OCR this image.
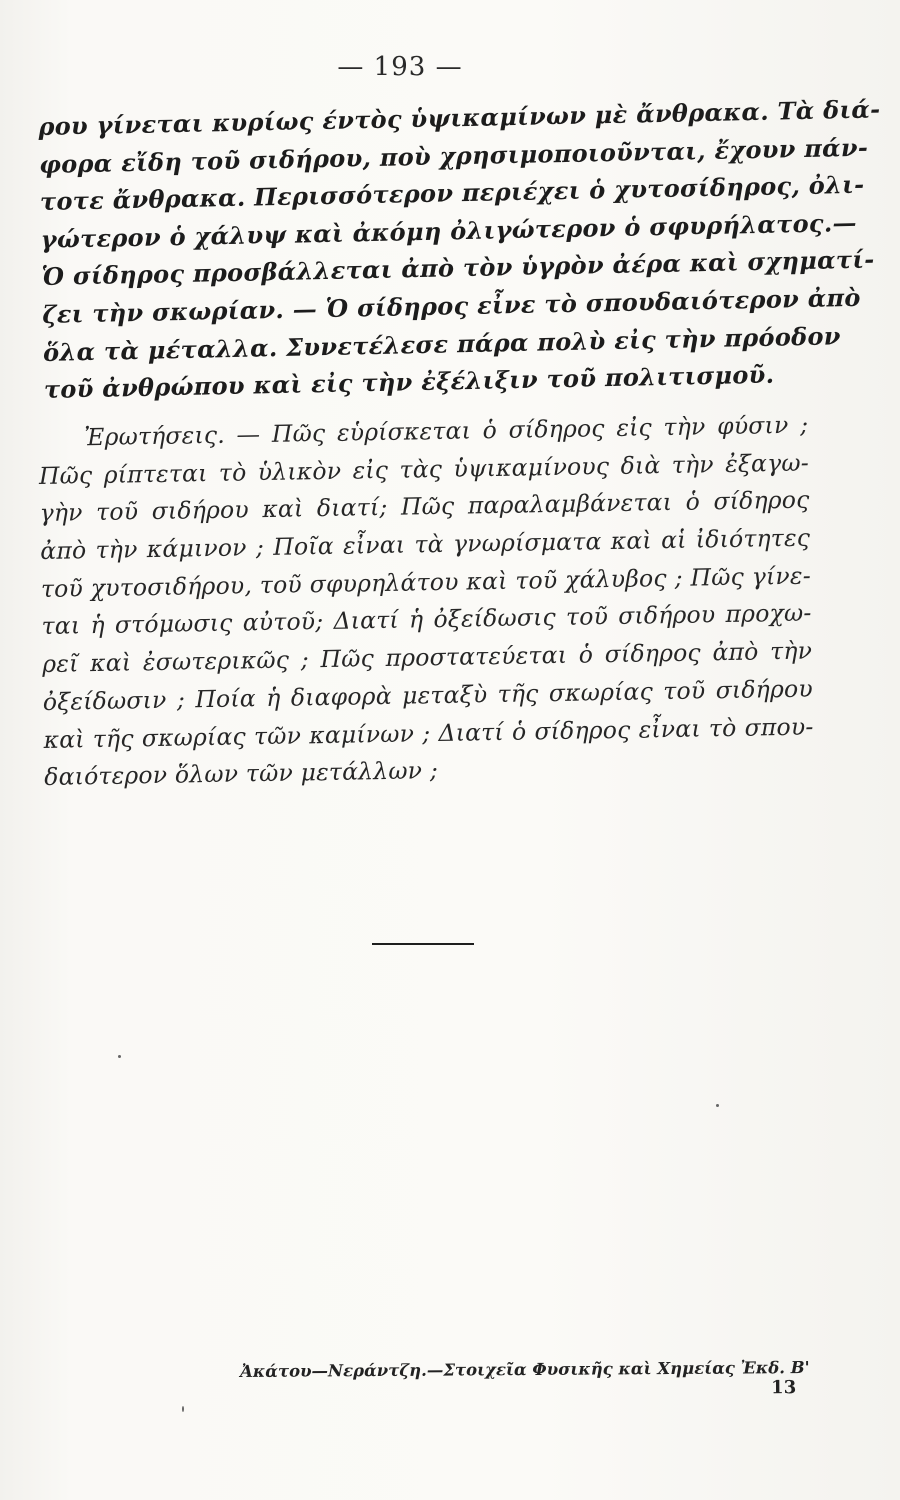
— 193 —
ρου γίνεται κυρίως έντὸς ὑψικαμίνων μὲ ἄνθρακα. Τὰ διά-
φορα εἴδη τοῦ σιδήρου, ποὺ χρησιμοποιοῦνται, ἔχουν πάν-
τοτε ἄνθρακα. Περισσότερον περιέχει ὁ χυτοσίδηρος, ὀλι-
γώτερον ὁ χάλυψ καὶ ἀκόμη ὀλιγώτερον ὁ σφυρήλατος.—
Ὁ σίδηρος προσβάλλεται ἀπὸ τὸν ὑγρὸν ἀέρα καὶ σχηματί-
ζει τὴν σκωρίαν. — Ὁ σίδηρος εἶνε τὸ σπουδαιότερον ἀπὸ
ὅλα τὰ μέταλλα. Συνετέλεσε πάρα πολὺ εἰς τὴν πρόοδον
τοῦ ἀνθρώπου καὶ εἰς τὴν ἐξέλιξιν τοῦ πολιτισμοῦ.
Ἐρωτήσεις. — Πῶς εὑρίσκεται ὁ σίδηρος εἰς τὴν φύσιν ;
Πῶς ρίπτεται τὸ ὑλικὸν εἰς τὰς ὑψικαμίνους διὰ τὴν ἐξαγω-
γὴν τοῦ σιδήρου καὶ διατί; Πῶς παραλαμβάνεται ὁ σίδηρος
ἀπὸ τὴν κάμινον ; Ποῖα εἶναι τὰ γνωρίσματα καὶ αἱ ἰδιότητες
τοῦ χυτοσιδήρου, τοῦ σφυρηλάτου καὶ τοῦ χάλυβος ; Πῶς γίνε-
ται ἡ στόμωσις αὐτοῦ; Διατί ἡ ὀξείδωσις τοῦ σιδήρου προχω-
ρεῖ καὶ ἐσωτερικῶς ; Πῶς προστατεύεται ὁ σίδηρος ἀπὸ τὴν
ὀξείδωσιν ; Ποία ἡ διαφορὰ μεταξὺ τῆς σκωρίας τοῦ σιδήρου
καὶ τῆς σκωρίας τῶν καμίνων ; Διατί ὁ σίδηρος εἶναι τὸ σπου-
δαιότερον ὅλων τῶν μετάλλων ;
Ἀκάτου—Νεράντζη.—Στοιχεῖα Φυσικῆς καὶ Χημείας Ἐκδ. Β'
13
